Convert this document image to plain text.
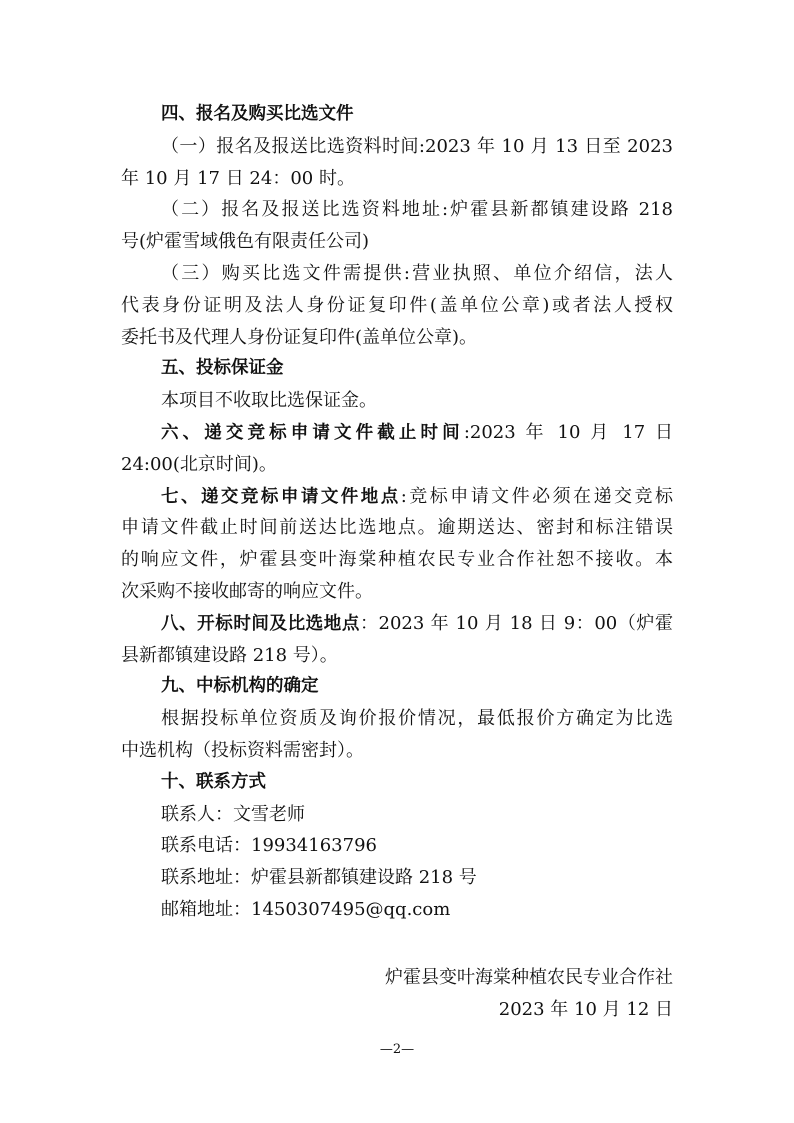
四、报名及购买比选文件
（一）报名及报送比选资料时间:2023 年 10 月 13 日至 2023
年 10 月 17 日 24：00 时。
（二）报名及报送比选资料地址:炉霍县新都镇建设路 218
号(炉霍雪域俄色有限责任公司)
（三）购买比选文件需提供:营业执照、单位介绍信，法人
代表身份证明及法人身份证复印件(盖单位公章)或者法人授权
委托书及代理人身份证复印件(盖单位公章)。
五、投标保证金
本项目不收取比选保证金。
六、递交竞标申请文件截止时间:2023 年 10 月 17 日
24:00(北京时间)。
七、递交竞标申请文件地点:竞标申请文件必须在递交竞标
申请文件截止时间前送达比选地点。逾期送达、密封和标注错误
的响应文件，炉霍县变叶海棠种植农民专业合作社恕不接收。本
次采购不接收邮寄的响应文件。
八、开标时间及比选地点：2023 年 10 月 18 日 9：00（炉霍
县新都镇建设路 218 号）。
九、中标机构的确定
根据投标单位资质及询价报价情况，最低报价方确定为比选
中选机构（投标资料需密封）。
十、联系方式
联系人：文雪老师
联系电话：19934163796
联系地址：炉霍县新都镇建设路 218 号
邮箱地址：1450307495@qq.com
炉霍县变叶海棠种植农民专业合作社
2023 年 10 月 12 日
—2—
